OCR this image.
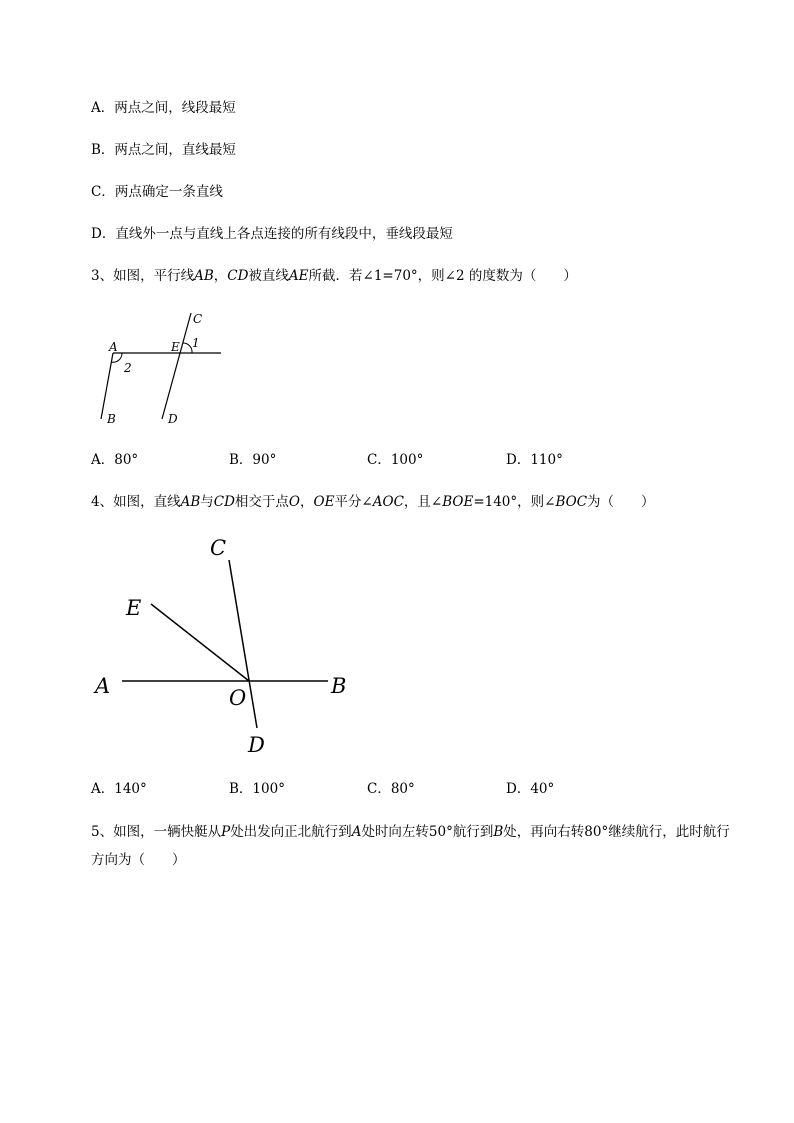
A．两点之间，线段最短
B．两点之间，直线最短
C．两点确定一条直线
D．直线外一点与直线上各点连接的所有线段中，垂线段最短
3、如图，平行线AB，CD被直线AE所截．若∠1=70°，则∠2 的度数为（　　）
C
A	E 1
2
B	D
A．80°	B．90°	C．100°	D．110°
4、如图，直线AB与CD相交于点O，OE平分∠AOC，且∠BOE=140°，则∠BOC为（　　）
C
E
A	O	B
D
A．140°	B．100°	C．80°	D．40°
5、如图，一辆快艇从P处出发向正北航行到A处时向左转50°航行到B处，再向右转80°继续航行，此时航行方向为（　　）
